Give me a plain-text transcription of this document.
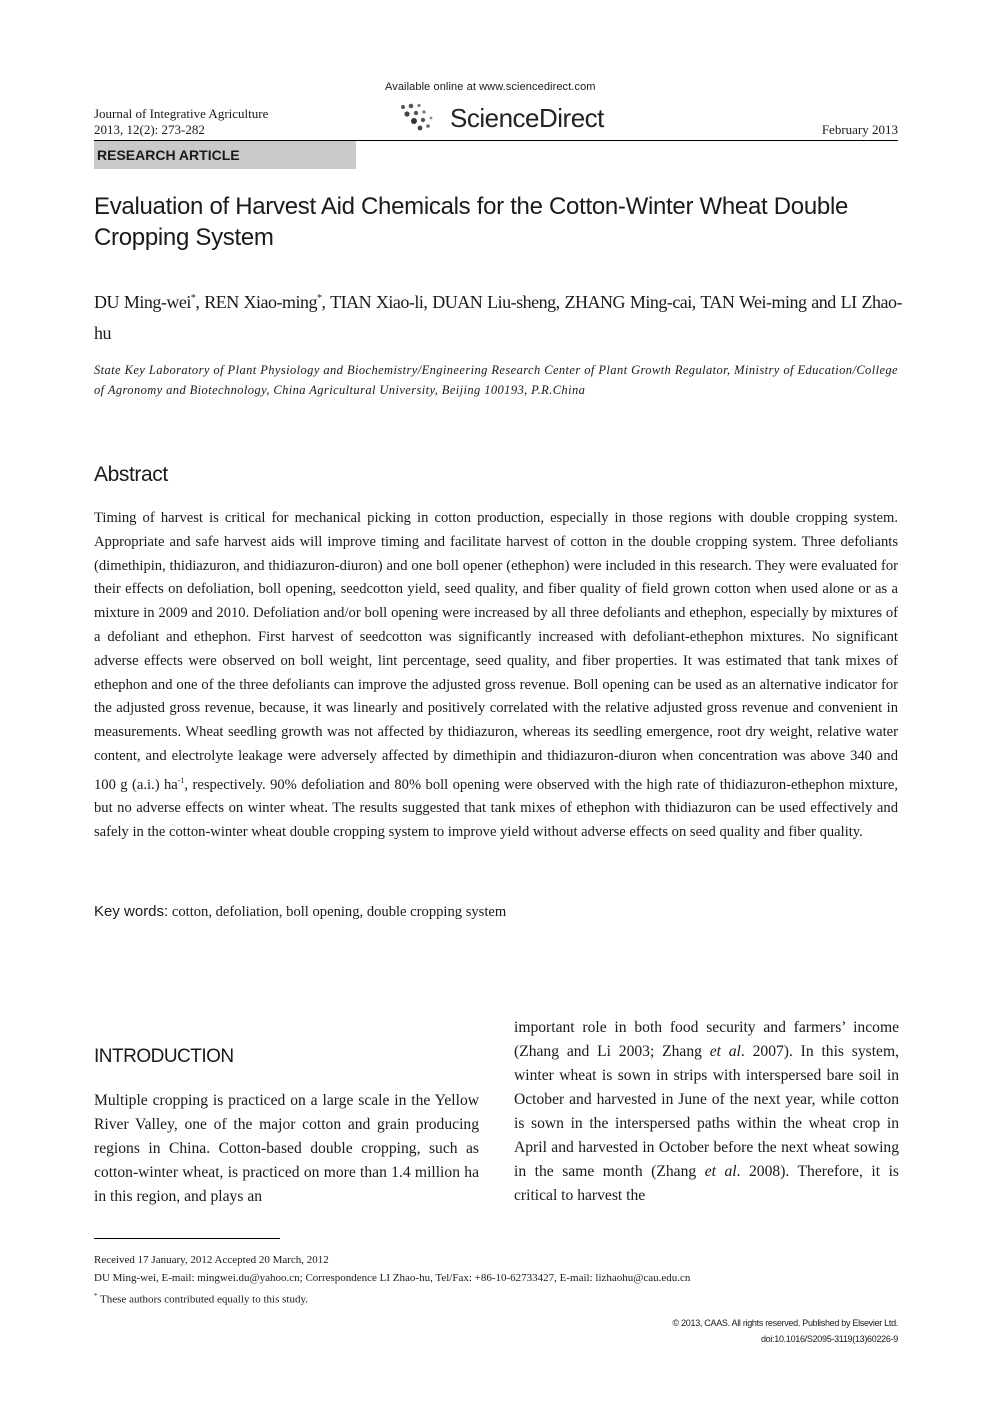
Journal of Integrative Agriculture
2013, 12(2): 273-282
Available online at www.sciencedirect.com
ScienceDirect	February 2013
RESEARCH ARTICLE
Evaluation of Harvest Aid Chemicals for the Cotton-Winter Wheat Double Cropping System
DU Ming-wei*, REN Xiao-ming*, TIAN Xiao-li, DUAN Liu-sheng, ZHANG Ming-cai, TAN Wei-ming and LI Zhao-hu
State Key Laboratory of Plant Physiology and Biochemistry/Engineering Research Center of Plant Growth Regulator, Ministry of Education/College of Agronomy and Biotechnology, China Agricultural University, Beijing 100193, P.R.China
Abstract
Timing of harvest is critical for mechanical picking in cotton production, especially in those regions with double cropping system. Appropriate and safe harvest aids will improve timing and facilitate harvest of cotton in the double cropping system. Three defoliants (dimethipin, thidiazuron, and thidiazuron-diuron) and one boll opener (ethephon) were included in this research. They were evaluated for their effects on defoliation, boll opening, seedcotton yield, seed quality, and fiber quality of field grown cotton when used alone or as a mixture in 2009 and 2010. Defoliation and/or boll opening were increased by all three defoliants and ethephon, especially by mixtures of a defoliant and ethephon. First harvest of seedcotton was significantly increased with defoliant-ethephon mixtures. No significant adverse effects were observed on boll weight, lint percentage, seed quality, and fiber properties. It was estimated that tank mixes of ethephon and one of the three defoliants can improve the adjusted gross revenue. Boll opening can be used as an alternative indicator for the adjusted gross revenue, because, it was linearly and positively correlated with the relative adjusted gross revenue and convenient in measurements. Wheat seedling growth was not affected by thidiazuron, whereas its seedling emergence, root dry weight, relative water content, and electrolyte leakage were adversely affected by dimethipin and thidiazuron-diuron when concentration was above 340 and 100 g (a.i.) $ha^{-1}$, respectively. 90% defoliation and 80% boll opening were observed with the high rate of thidiazuron-ethephon mixture, but no adverse effects on winter wheat. The results suggested that tank mixes of ethephon with thidiazuron can be used effectively and safely in the cotton-winter wheat double cropping system to improve yield without adverse effects on seed quality and fiber quality.
Key words: cotton, defoliation, boll opening, double cropping system
INTRODUCTION
Multiple cropping is practiced on a large scale in the Yellow River Valley, one of the major cotton and grain producing regions in China. Cotton-based double cropping, such as cotton-winter wheat, is practiced on more than 1.4 million ha in this region, and plays an
important role in both food security and farmers’ income (Zhang and Li 2003; Zhang et al. 2007). In this system, winter wheat is sown in strips with interspersed bare soil in October and harvested in June of the next year, while cotton is sown in the interspersed paths within the wheat crop in April and harvested in October before the next wheat sowing in the same month (Zhang et al. 2008). Therefore, it is critical to harvest the
Received 17 January, 2012 Accepted 20 March, 2012
DU Ming-wei, E-mail: mingwei.du@yahoo.cn; Correspondence LI Zhao-hu, Tel/Fax: +86-10-62733427, E-mail: lizhaohu@cau.edu.cn
* These authors contributed equally to this study.
© 2013, CAAS. All rights reserved. Published by Elsevier Ltd.
doi:10.1016/S2095-3119(13)60226-9
